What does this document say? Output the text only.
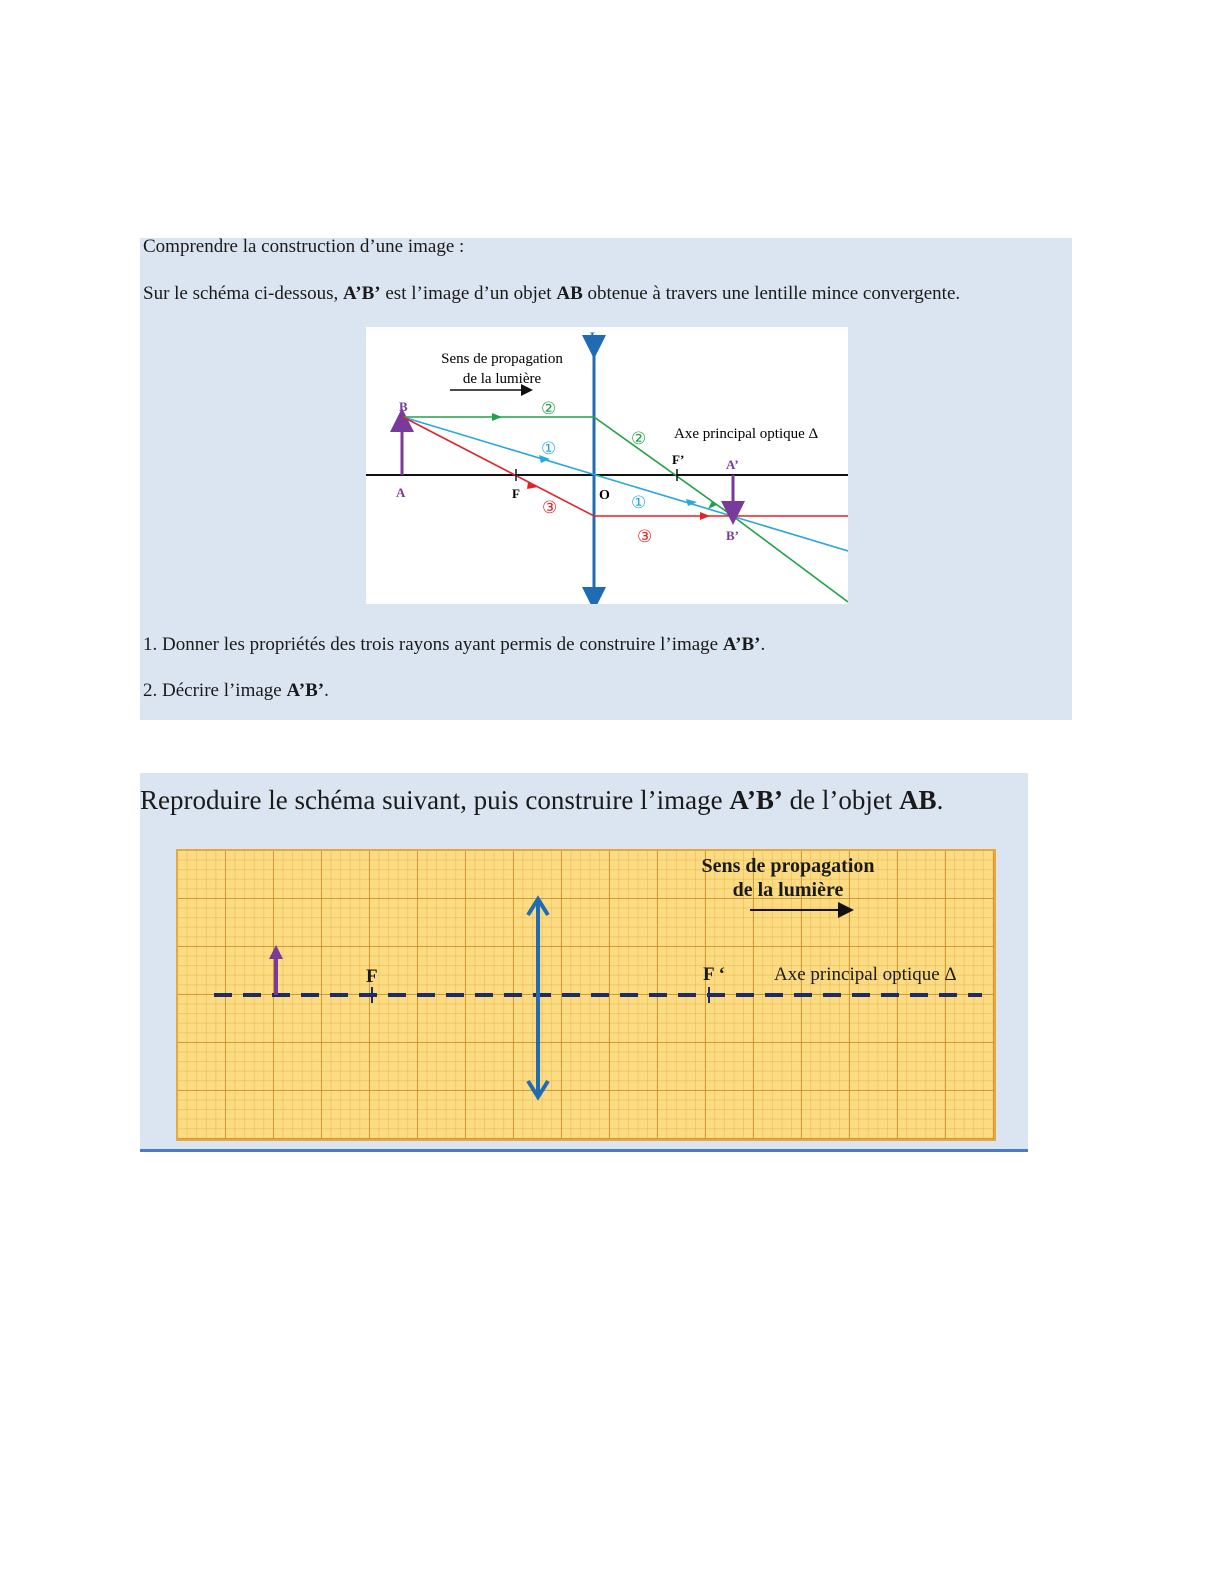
Comprendre la construction d’une image :
Sur le schéma ci-dessous, A’B’ est l’image d’un objet AB obtenue à travers une lentille mince convergente.
L
Sens de propagation
de la lumière
B
A
②
②
①
①
③
③
F	O
F’
Axe principal optique Δ
A’
B’
1. Donner les propriétés des trois rayons ayant permis de construire l’image A’B’.
2. Décrire l’image A’B’.
Reproduire le schéma suivant, puis construire l’image A’B’ de l’objet AB.
Sens de propagation
de la lumière
F	F ‘	Axe principal optique Δ
